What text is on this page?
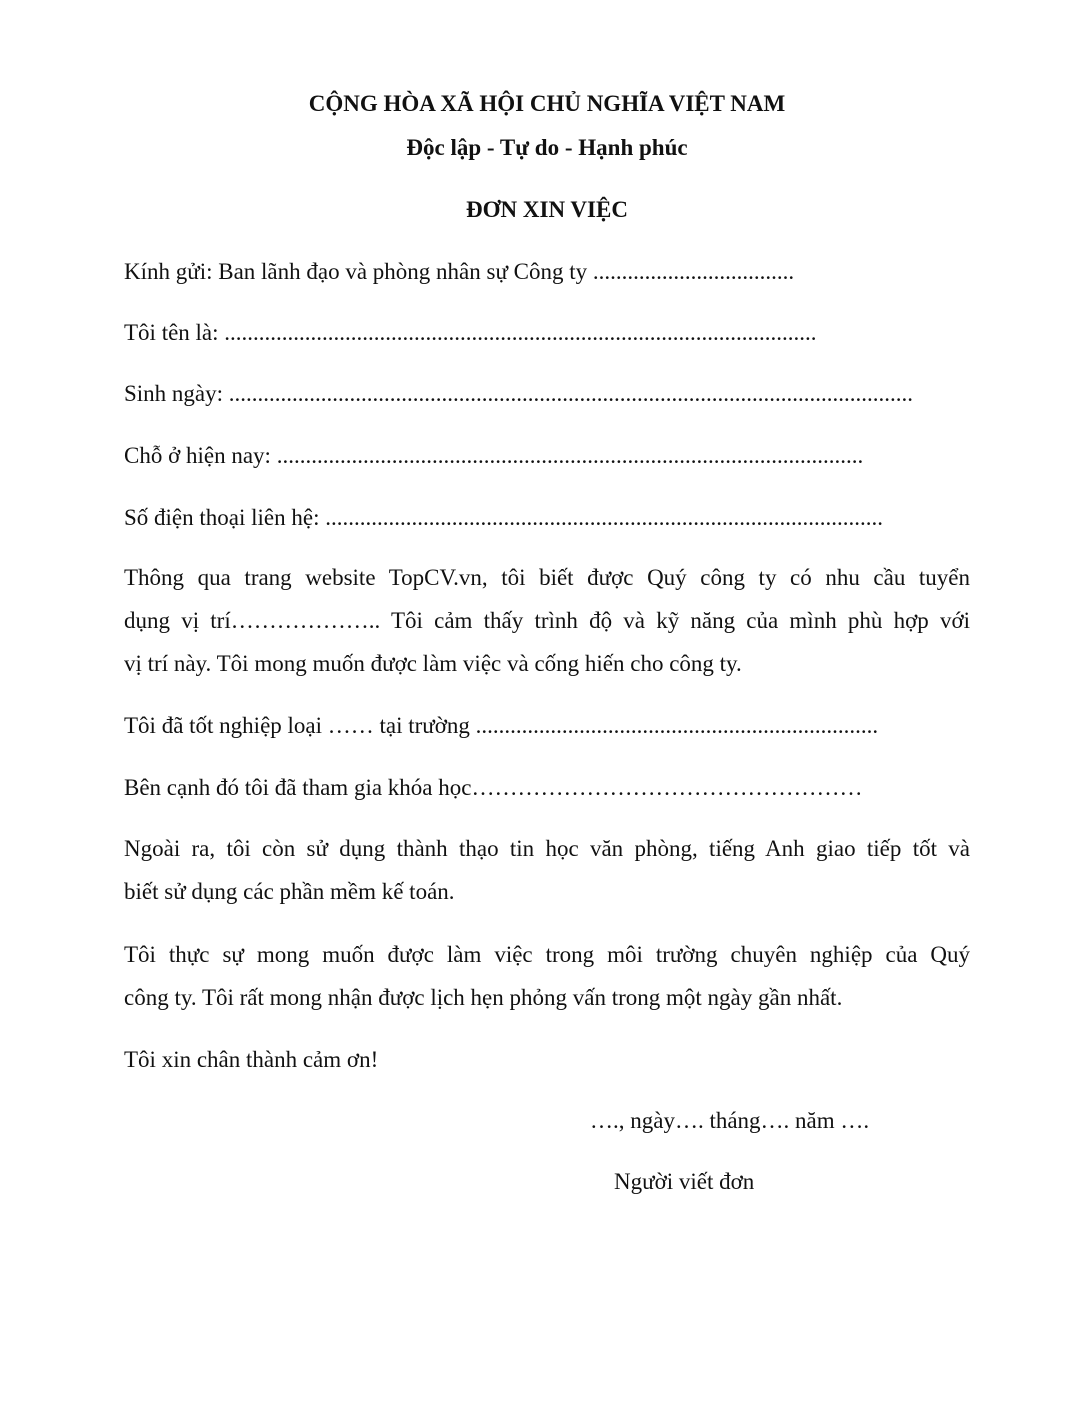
CỘNG HÒA XÃ HỘI CHỦ NGHĨA VIỆT NAM
Độc lập - Tự do - Hạnh phúc
ĐƠN XIN VIỆC
Kính gửi: Ban lãnh đạo và phòng nhân sự Công ty ...................................
Tôi tên là: .......................................................................................................
Sinh ngày: .......................................................................................................................
Chỗ ở hiện nay: ......................................................................................................
Số điện thoại liên hệ: .................................................................................................
Thông qua trang website TopCV.vn, tôi biết được Quý công ty có nhu cầu tuyển
dụng vị trí……………….. Tôi cảm thấy trình độ và kỹ năng của mình phù hợp với
vị trí này. Tôi mong muốn được làm việc và cống hiến cho công ty.
Tôi đã tốt nghiệp loại …… tại trường ......................................................................
Bên cạnh đó tôi đã tham gia khóa học……………………………………………
Ngoài ra, tôi còn sử dụng thành thạo tin học văn phòng, tiếng Anh giao tiếp tốt và
biết sử dụng các phần mềm kế toán.
Tôi thực sự mong muốn được làm việc trong môi trường chuyên nghiệp của Quý
công ty. Tôi rất mong nhận được lịch hẹn phỏng vấn trong một ngày gần nhất.
Tôi xin chân thành cảm ơn!
…., ngày…. tháng…. năm ….
Người viết đơn
